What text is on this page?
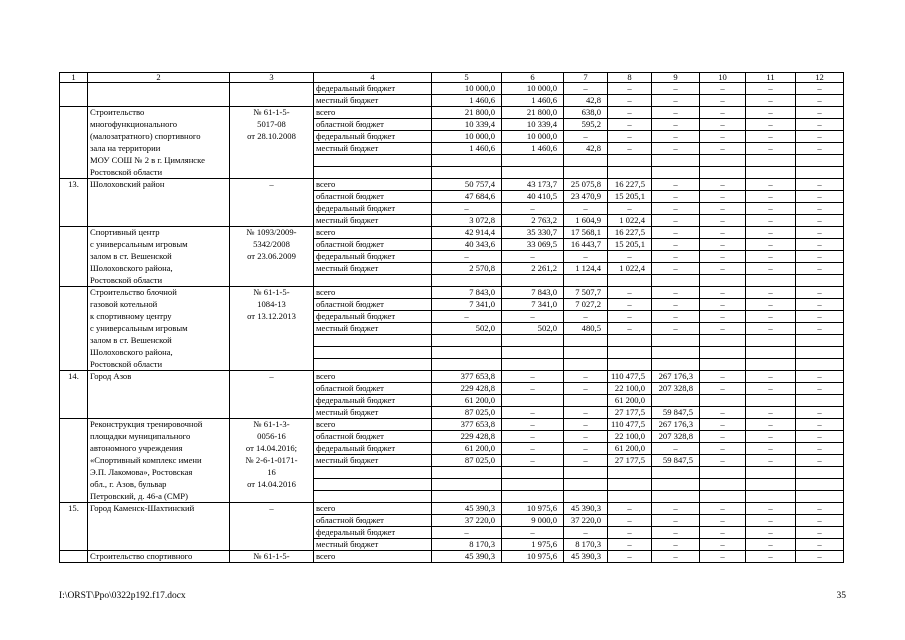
1	2	3	4	5	6	7	8	9	10	11	12
			федеральный бюджет	10 000,0	10 000,0	–	–	–	–	–	–
			местный бюджет	1 460,6	1 460,6	42,8	–	–	–	–	–
	Строительство	№ 61-1-5-	всего	21 800,0	21 800,0	638,0	–	–	–	–	–
	многофункционального	5017-08	областной бюджет	10 339,4	10 339,4	595,2	–	–	–	–	–
	(малозатратного) спортивного	от 28.10.2008	федеральный бюджет	10 000,0	10 000,0	–	–	–	–	–	–
	зала на территории		местный бюджет	1 460,6	1 460,6	42,8	–	–	–	–	–
	МОУ СОШ № 2 в г. Цимлянске										
	Ростовской области										
13.	Шолоховский район	–	всего	50 757,4	43 173,7	25 075,8	16 227,5	–	–	–	–
			областной бюджет	47 684,6	40 410,5	23 470,9	15 205,1	–	–	–	–
			федеральный бюджет	–	–	–	–	–	–	–	–
			местный бюджет	3 072,8	2 763,2	1 604,9	1 022,4	–	–	–	–
	Спортивный центр	№ 1093/2009-	всего	42 914,4	35 330,7	17 568,1	16 227,5	–	–	–	–
	с универсальным игровым	5342/2008	областной бюджет	40 343,6	33 069,5	16 443,7	15 205,1	–	–	–	–
	залом в ст. Вешенской	от 23.06.2009	федеральный бюджет	–	–	–	–	–	–	–	–
	Шолоховского района,		местный бюджет	2 570,8	2 261,2	1 124,4	1 022,4	–	–	–	–
	Ростовской области										
	Строительство блочной	№ 61-1-5-	всего	7 843,0	7 843,0	7 507,7	–	–	–	–	–
	газовой котельной	1084-13	областной бюджет	7 341,0	7 341,0	7 027,2	–	–	–	–	–
	к спортивному центру	от 13.12.2013	федеральный бюджет	–	–	–	–	–	–	–	–
	с универсальным игровым		местный бюджет	502,0	502,0	480,5	–	–	–	–	–
	залом в ст. Вешенской										
	Шолоховского района,										
	Ростовской области										
14.	Город Азов	–	всего	377 653,8	–	–	110 477,5	267 176,3	–	–	–
			областной бюджет	229 428,8	–	–	22 100,0	207 328,8	–	–	–
			федеральный бюджет	61 200,0			61 200,0				
			местный бюджет	87 025,0	–	–	27 177,5	59 847,5	–	–	–
	Реконструкция тренировочной	№ 61-1-3-	всего	377 653,8	–	–	110 477,5	267 176,3	–	–	–
	площадки муниципального	0056-16	областной бюджет	229 428,8	–	–	22 100,0	207 328,8	–	–	–
	автономного учреждения	от 14.04.2016;	федеральный бюджет	61 200,0	–	–	61 200,0	–	–	–	–
	«Спортивный комплекс имени	№ 2-6-1-0171-	местный бюджет	87 025,0	–	–	27 177,5	59 847,5	–	–	–
	Э.П. Лакомова», Ростовская	16									
	обл., г. Азов, бульвар	от 14.04.2016									
	Петровский, д. 46-а (СМР)										
15.	Город Каменск-Шахтинский	–	всего	45 390,3	10 975,6	45 390,3	–	–	–	–	–
			областной бюджет	37 220,0	9 000,0	37 220,0	–	–	–	–	–
			федеральный бюджет	–	–	–	–	–	–	–	–
			местный бюджет	8 170,3	1 975,6	8 170,3	–	–	–	–	–
	Строительство спортивного	№ 61-1-5-	всего	45 390,3	10 975,6	45 390,3	–	–	–	–	–
I:\ORST\Ppo\0322p192.f17.docx	35
